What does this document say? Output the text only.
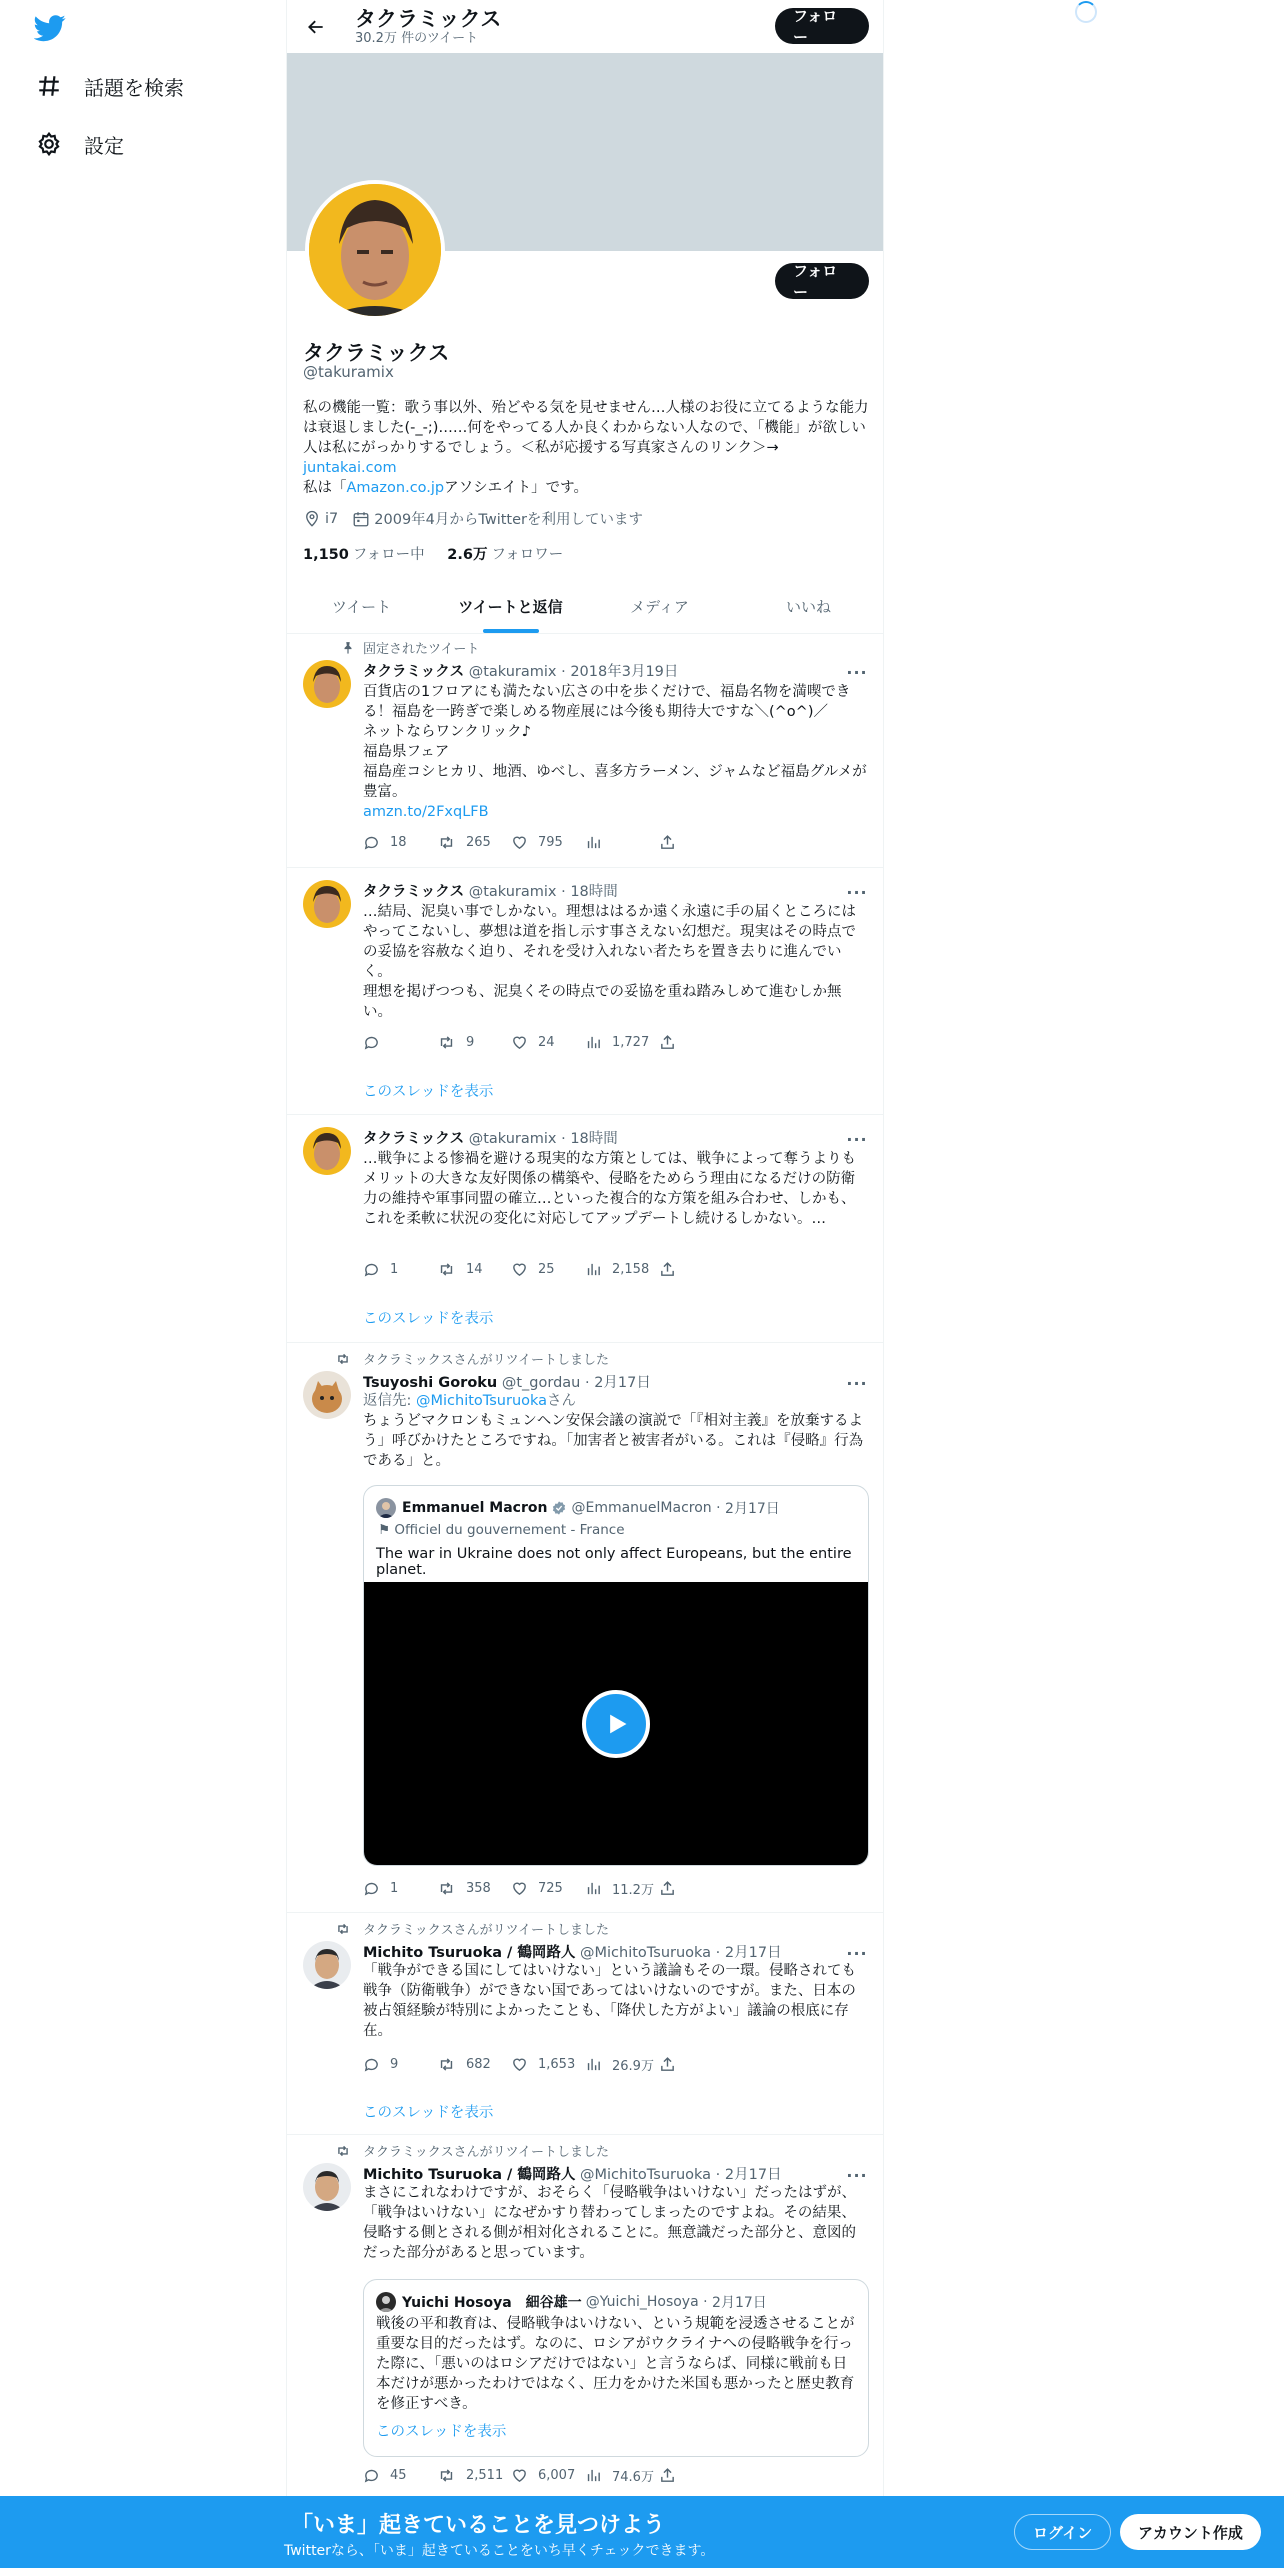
話題を検索
設定
タクラミックス
30.2万 件のツイート
フォロー
フォロー
タクラミックス
@takuramix
私の機能一覧：歌う事以外、殆どやる気を見せません…人様のお役に立てるような能力は衰退しました(-_-;)……何をやってる人か良くわからない人なので、「機能」が欲しい人は私にがっかりするでしょう。＜私が応援する写真家さんのリンク＞→
juntakai.com
私は「Amazon.co.jpアソシエイト」です。
i7 2009年4月からTwitterを利用しています
1,150 フォロー中 2.6万 フォロワー
ツイート	ツイートと返信	メディア	いいね
固定されたツイート
タクラミックス @takuramix · 2018年3月19日	···
百貨店の1フロアにも満たない広さの中を歩くだけで、福島名物を満喫できる！福島を一跨ぎで楽しめる物産展には今後も期待大ですな＼(^o^)／
ネットならワンクリック♪
福島県フェア
福島産コシヒカリ、地酒、ゆべし、喜多方ラーメン、ジャムなど福島グルメが豊富。
amzn.to/2FxqLFB
18	265	795
タクラミックス @takuramix · 18時間	···
…結局、泥臭い事でしかない。理想ははるか遠く永遠に手の届くところにはやってこないし、夢想は道を指し示す事さえない幻想だ。現実はその時点での妥協を容赦なく迫り、それを受け入れない者たちを置き去りに進んでいく。
理想を掲げつつも、泥臭くその時点での妥協を重ね踏みしめて進むしか無い。
9	24	1,727
このスレッドを表示
タクラミックス @takuramix · 18時間	···
…戦争による惨禍を避ける現実的な方策としては、戦争によって奪うよりもメリットの大きな友好関係の構築や、侵略をためらう理由になるだけの防衛力の維持や軍事同盟の確立…といった複合的な方策を組み合わせ、しかも、これを柔軟に状況の変化に対応してアップデートし続けるしかない。…
1	14	25	2,158
このスレッドを表示
タクラミックスさんがリツイートしました
Tsuyoshi Goroku @t_gordau · 2月17日	···
返信先: @MichitoTsuruokaさん
ちょうどマクロンもミュンヘン安保会議の演説で「『相対主義』を放棄するよう」呼びかけたところですね。「加害者と被害者がいる。これは『侵略』行為である」と。
Emmanuel Macron @EmmanuelMacron · 2月17日
⚑ Officiel du gouvernement - France
The war in Ukraine does not only affect Europeans, but the entire planet.
1	358	725	11.2万
タクラミックスさんがリツイートしました
Michito Tsuruoka / 鶴岡路人 @MichitoTsuruoka · 2月17日	···
「戦争ができる国にしてはいけない」という議論もその一環。侵略されても戦争（防衛戦争）ができない国であってはいけないのですが。また、日本の被占領経験が特別によかったことも、「降伏した方がよい」議論の根底に存在。
9	682	1,653	26.9万
このスレッドを表示
タクラミックスさんがリツイートしました
Michito Tsuruoka / 鶴岡路人 @MichitoTsuruoka · 2月17日	···
まさにこれなわけですが、おそらく「侵略戦争はいけない」だったはずが、「戦争はいけない」になぜかすり替わってしまったのですよね。その結果、侵略する側とされる側が相対化されることに。無意識だった部分と、意図的だった部分があると思っています。
Yuichi Hosoya　細谷雄一 @Yuichi_Hosoya · 2月17日
戦後の平和教育は、侵略戦争はいけない、という規範を浸透させることが重要な目的だったはず。なのに、ロシアがウクライナへの侵略戦争を行った際に、「悪いのはロシアだけではない」と言うならば、同様に戦前も日本だけが悪かったわけではなく、圧力をかけた米国も悪かったと歴史教育を修正すべき。
このスレッドを表示
45	2,511	6,007	74.6万
「いま」起きていることを見つけよう
Twitterなら、「いま」起きていることをいち早くチェックできます。
ログイン	アカウント作成
